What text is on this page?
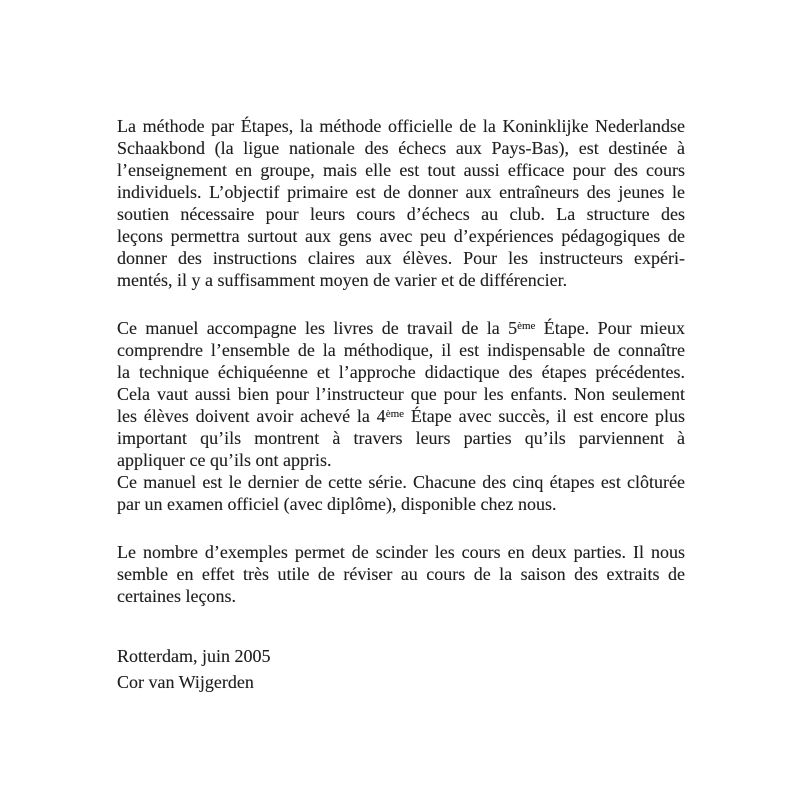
La méthode par Étapes, la méthode officielle de la Koninklijke Nederlandse
Schaakbond (la ligue nationale des échecs aux Pays-Bas), est destinée à
l’enseignement en groupe, mais elle est tout aussi efficace pour des cours
individuels. L’objectif primaire est de donner aux entraîneurs des jeunes le
soutien nécessaire pour leurs cours d’échecs au club. La structure des
leçons permettra surtout aux gens avec peu d’expériences pédagogiques de
donner des instructions claires aux élèves. Pour les instructeurs expéri-
mentés, il y a suffisamment moyen de varier et de différencier.
Ce manuel accompagne les livres de travail de la 5ème Étape. Pour mieux
comprendre l’ensemble de la méthodique, il est indispensable de connaître
la technique échiquéenne et l’approche didactique des étapes précédentes.
Cela vaut aussi bien pour l’instructeur que pour les enfants. Non seulement
les élèves doivent avoir achevé la 4ème Étape avec succès, il est encore plus
important qu’ils montrent à travers leurs parties qu’ils parviennent à
appliquer ce qu’ils ont appris.
Ce manuel est le dernier de cette série. Chacune des cinq étapes est clôturée
par un examen officiel (avec diplôme), disponible chez nous.
Le nombre d’exemples permet de scinder les cours en deux parties. Il nous
semble en effet très utile de réviser au cours de la saison des extraits de
certaines leçons.
Rotterdam, juin 2005
Cor van Wijgerden
